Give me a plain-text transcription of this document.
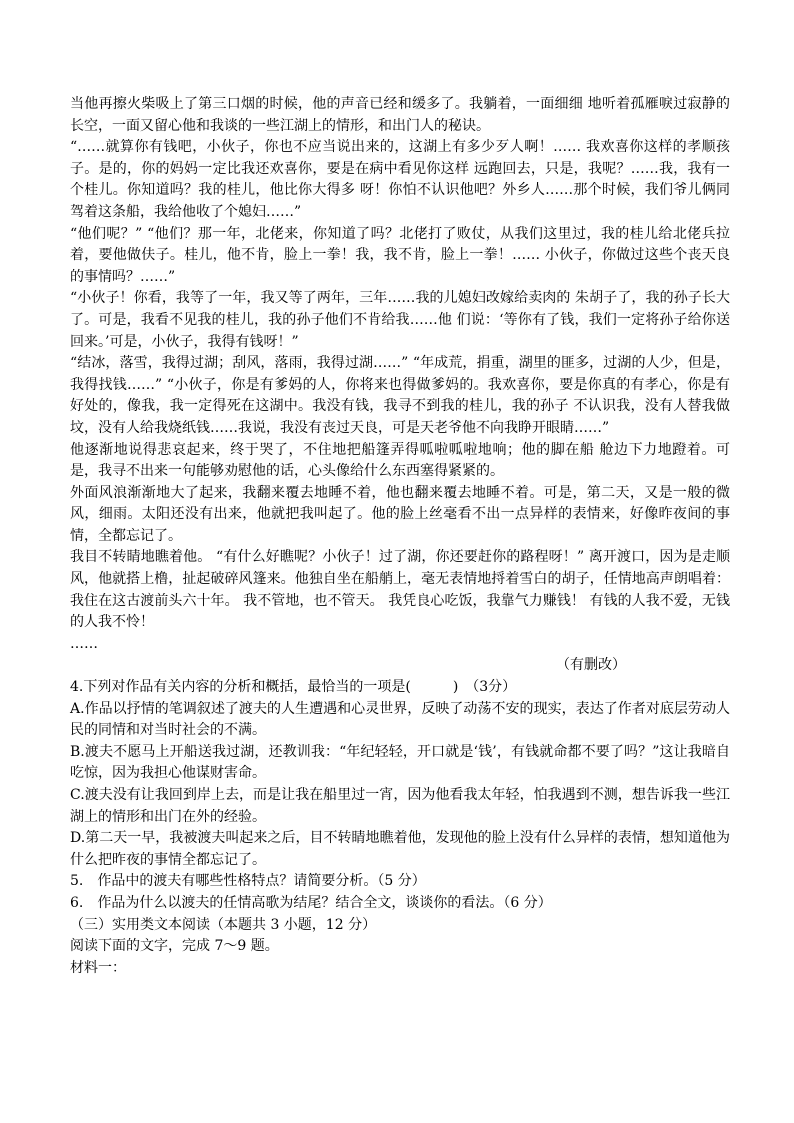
当他再擦火柴吸上了第三口烟的时候，他的声音已经和缓多了。我躺着，一面细细 地听着孤雁唳过寂静的长空，一面又留心他和我谈的一些江湖上的情形，和出门人的秘诀。
“……就算你有钱吧，小伙子，你也不应当说出来的，这湖上有多少歹人啊！…… 我欢喜你这样的孝顺孩子。是的，你的妈妈一定比我还欢喜你，要是在病中看见你这样 远跑回去，只是，我呢？……我，我有一个桂儿。你知道吗？我的桂儿，他比你大得多 呀！你怕不认识他吧？外乡人……那个时候，我们爷儿俩同驾着这条船，我给他收了个媳妇……”
“他们呢？” “他们？那一年，北佬来，你知道了吗？北佬打了败仗，从我们这里过，我的桂儿给北佬兵拉着，要他做伕子。桂儿，他不肯，脸上一拳！我，我不肯，脸上一拳！…… 小伙子，你做过这些个丧天良的事情吗？……”
“小伙子！你看，我等了一年，我又等了两年，三年……我的儿媳妇改嫁给卖肉的 朱胡子了，我的孙子长大了。可是，我看不见我的桂儿，我的孙子他们不肯给我……他 们说：‘等你有了钱，我们一定将孙子给你送回来。’可是，小伙子，我得有钱呀！”
“结冰，落雪，我得过湖；刮风，落雨，我得过湖……” “年成荒，捐重，湖里的匪多，过湖的人少，但是，我得找钱……” “小伙子，你是有爹妈的人，你将来也得做爹妈的。我欢喜你，要是你真的有孝心，你是有好处的，像我，我一定得死在这湖中。我没有钱，我寻不到我的桂儿，我的孙子 不认识我，没有人替我做坟，没有人给我烧纸钱……我说，我没有丧过天良，可是天老爷他不向我睁开眼睛……”
他逐渐地说得悲哀起来，终于哭了，不住地把船篷弄得呱啦呱啦地响；他的脚在船 舱边下力地蹬着。可是，我寻不出来一句能够劝慰他的话，心头像给什么东西塞得紧紧的。
外面风浪渐渐地大了起来，我翻来覆去地睡不着，他也翻来覆去地睡不着。可是，第二天，又是一般的微风，细雨。太阳还没有出来，他就把我叫起了。他的脸上丝毫看不出一点异样的表情来，好像昨夜间的事情，全都忘记了。
我目不转睛地瞧着他。 “有什么好瞧呢？小伙子！过了湖，你还要赶你的路程呀！” 离开渡口，因为是走顺风，他就搭上橹，扯起破碎风篷来。他独自坐在船艄上，毫无表情地捋着雪白的胡子，任情地高声朗唱着： 我住在这古渡前头六十年。 我不管地，也不管天。 我凭良心吃饭，我靠气力赚钱！ 有钱的人我不爱，无钱的人我不怜！
……
（有删改）
4.下列对作品有关内容的分析和概括，最恰当的一项是(　　　)　（3分）
A.作品以抒情的笔调叙述了渡夫的人生遭遇和心灵世界，反映了动荡不安的现实，表达了作者对底层劳动人民的同情和对当时社会的不满。
B.渡夫不愿马上开船送我过湖，还教训我：“年纪轻轻，开口就是‘钱’，有钱就命都不要了吗？”这让我暗自吃惊，因为我担心他谋财害命。
C.渡夫没有让我回到岸上去，而是让我在船里过一宵，因为他看我太年轻，怕我遇到不测，想告诉我一些江湖上的情形和出门在外的经验。
D.第二天一早，我被渡夫叫起来之后，目不转睛地瞧着他，发现他的脸上没有什么异样的表情，想知道他为什么把昨夜的事情全都忘记了。
5.　作品中的渡夫有哪些性格特点？请简要分析。（5 分）
6.　作品为什么以渡夫的任情高歌为结尾？结合全文，谈谈你的看法。（6 分）
（三）实用类文本阅读（本题共 3 小题，12 分）
阅读下面的文字，完成 7～9 题。
材料一：
